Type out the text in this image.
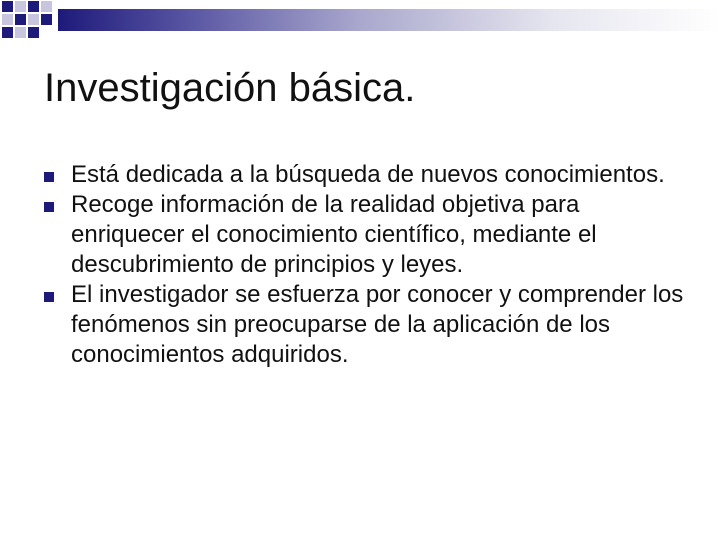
Investigación básica.
Está dedicada a la búsqueda de nuevos conocimientos.
Recoge información de la realidad objetiva para enriquecer el conocimiento científico, mediante el descubrimiento de principios y leyes.
El investigador se esfuerza por conocer y comprender los fenómenos sin preocuparse de la aplicación de los conocimientos adquiridos.
